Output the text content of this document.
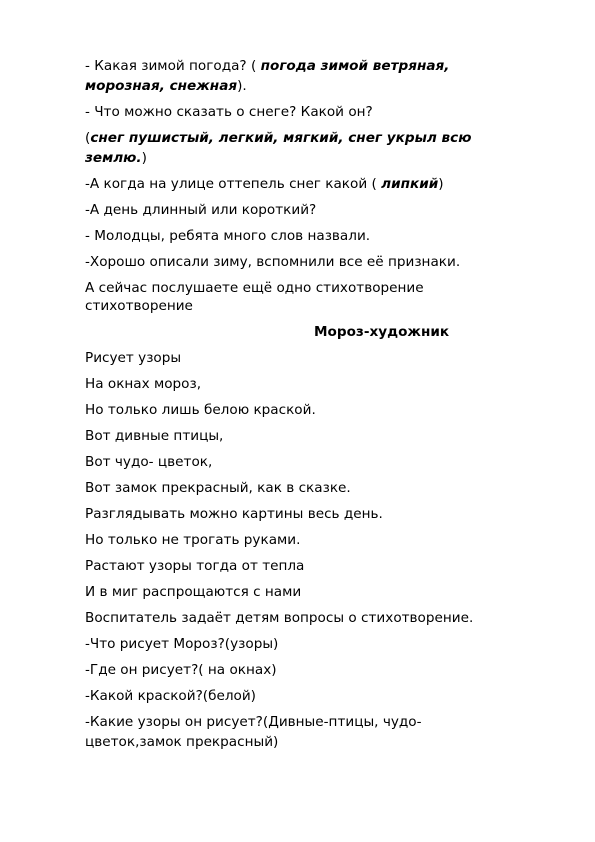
- Какая зимой погода? ( погода зимой ветряная,
морозная, снежная).
- Что можно сказать о снеге? Какой он?
(снег пушистый, легкий, мягкий, снег укрыл всю
землю.)
-А когда на улице оттепель снег какой ( липкий)
-А день длинный или короткий?
- Молодцы, ребята много слов назвали.
-Хорошо описали зиму, вспомнили все её признаки.
А сейчас послушаете ещё одно стихотворение
стихотворение
Мороз-художник
Рисует узоры
На окнах мороз,
Но только лишь белою краской.
Вот дивные птицы,
Вот чудо- цветок,
Вот замок прекрасный, как в сказке.
Разглядывать можно картины весь день.
Но только не трогать руками.
Растают узоры тогда от тепла
И в миг распрощаются с нами
Воспитатель задаёт детям вопросы о стихотворение.
-Что рисует Мороз?(узоры)
-Где он рисует?( на окнах)
-Какой краской?(белой)
-Какие узоры он рисует?(Дивные-птицы, чудо-
цветок,замок прекрасный)
